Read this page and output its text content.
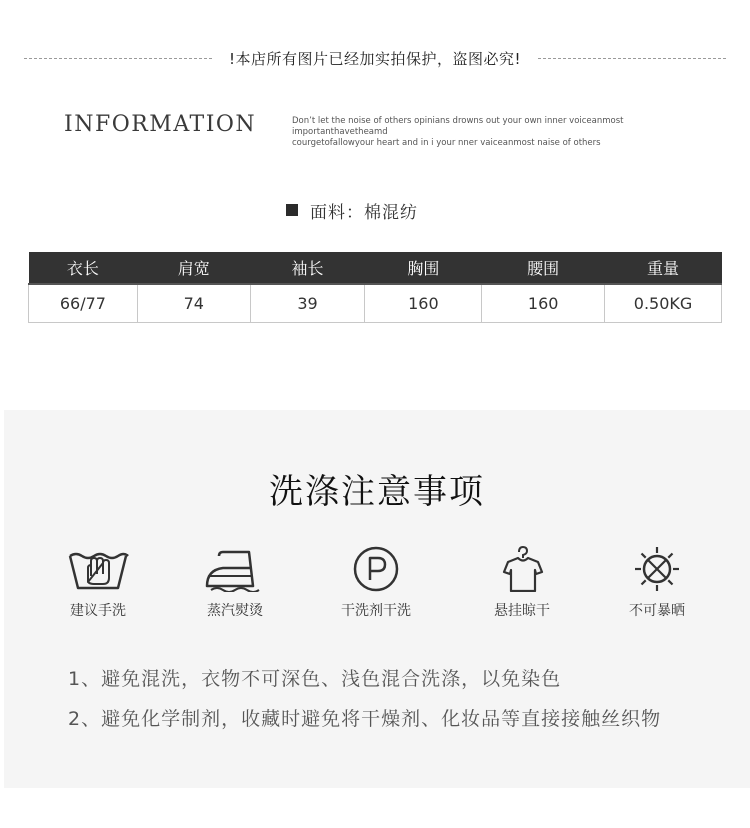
!本店所有图片已经加实拍保护，盗图必究!
INFORMATION	Don’t let the noise of others opinians drowns out your own inner voiceanmost importanthavetheamd
courgetofallowyour heart and in i your nner vaiceanmost naise of others
面料：棉混纺
衣长	肩宽	袖长	胸围	腰围	重量
66/77	74	39	160	160	0.50KG
洗涤注意事项
建议手洗	蒸汽熨烫	干洗剂干洗	悬挂晾干	不可暴晒
1、避免混洗，衣物不可深色、浅色混合洗涤，以免染色
2、避免化学制剂，收藏时避免将干燥剂、化妆品等直接接触丝织物
